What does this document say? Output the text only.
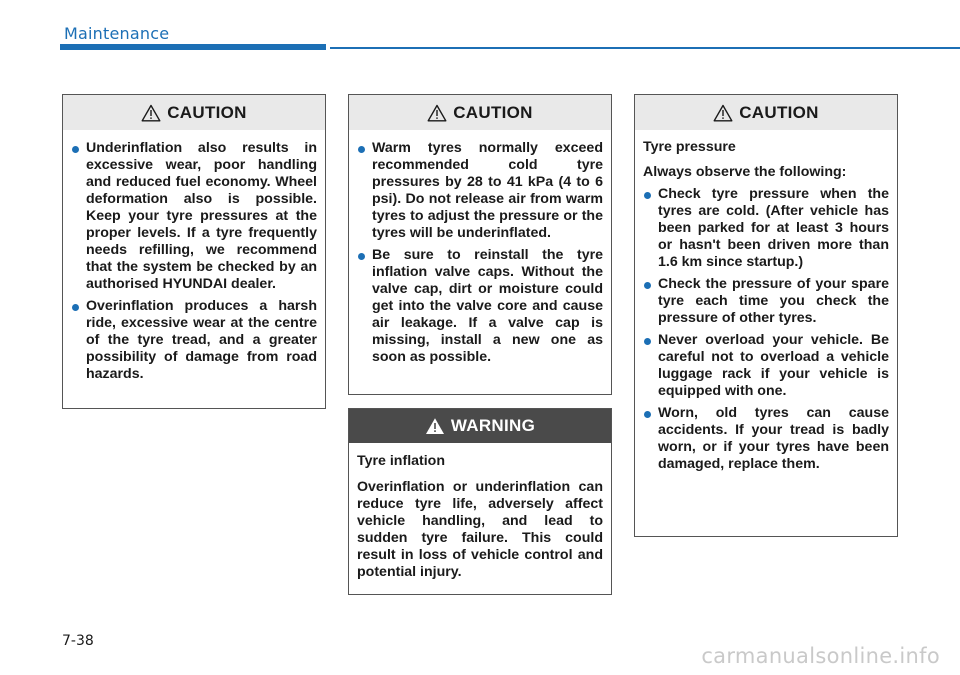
Maintenance
CAUTION
Underinflation also results in excessive wear, poor handling and reduced fuel economy. Wheel deformation also is possible. Keep your tyre pressures at the proper levels. If a tyre frequently needs refilling, we recommend that the system be checked by an authorised HYUNDAI dealer.
Overinflation produces a harsh ride, excessive wear at the centre of the tyre tread, and a greater possibility of damage from road hazards.
CAUTION
Warm tyres normally exceed recommended cold tyre pressures by 28 to 41 kPa (4 to 6 psi). Do not release air from warm tyres to adjust the pressure or the tyres will be underinflated.
Be sure to reinstall the tyre inflation valve caps. Without the valve cap, dirt or moisture could get into the valve core and cause air leakage. If a valve cap is missing, install a new one as soon as possible.
WARNING
Tyre inflation
Overinflation or underinflation can reduce tyre life, adversely affect vehicle handling, and lead to sudden tyre failure. This could result in loss of vehicle control and potential injury.
CAUTION
Tyre pressure
Always observe the following:
Check tyre pressure when the tyres are cold. (After vehicle has been parked for at least 3 hours or hasn't been driven more than 1.6 km since startup.)
Check the pressure of your spare tyre each time you check the pressure of other tyres.
Never overload your vehicle. Be careful not to overload a vehicle luggage rack if your vehicle is equipped with one.
Worn, old tyres can cause accidents. If your tread is badly worn, or if your tyres have been damaged, replace them.
7-38
carmanualsonline.info
